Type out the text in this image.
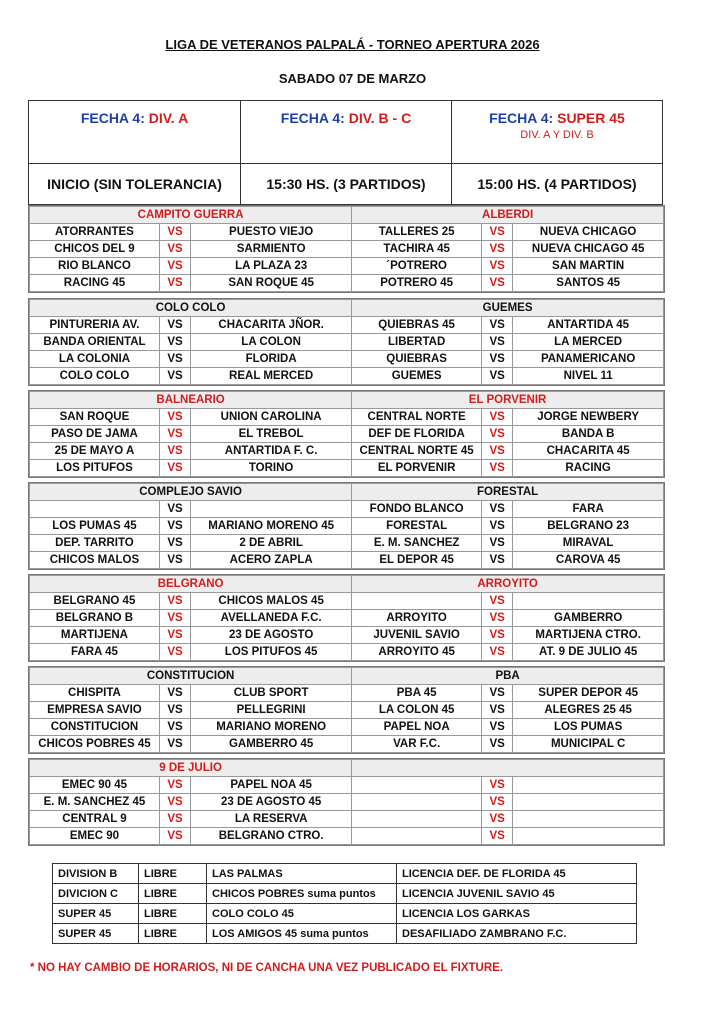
LIGA DE VETERANOS PALPALÁ - TORNEO APERTURA 2026
SABADO 07 DE MARZO
FECHA 4: DIV. A	FECHA 4: DIV. B - C	FECHA 4: SUPER 45
DIV. A Y DIV. B

INICIO (SIN TOLERANCIA)	15:30 HS. (3 PARTIDOS)	15:00 HS. (4 PARTIDOS)
CAMPITO GUERRA			ALBERDI		
ATORRANTES	VS	PUESTO VIEJO	TALLERES 25	VS	NUEVA CHICAGO
CHICOS DEL 9	VS	SARMIENTO	TACHIRA 45	VS	NUEVA CHICAGO 45
RIO BLANCO	VS	LA PLAZA 23	´POTRERO	VS	SAN MARTIN
RACING 45	VS	SAN ROQUE 45	POTRERO 45	VS	SANTOS 45
COLO COLO			GUEMES		
PINTURERIA AV.	VS	CHACARITA JÑOR.	QUIEBRAS 45	VS	ANTARTIDA 45
BANDA ORIENTAL	VS	LA COLON	LIBERTAD	VS	LA MERCED
LA COLONIA	VS	FLORIDA	QUIEBRAS	VS	PANAMERICANO
COLO COLO	VS	REAL MERCED	GUEMES	VS	NIVEL 11
BALNEARIO			EL PORVENIR		
SAN ROQUE	VS	UNION CAROLINA	CENTRAL NORTE	VS	JORGE NEWBERY
PASO DE JAMA	VS	EL TREBOL	DEF DE FLORIDA	VS	BANDA B
25 DE MAYO A	VS	ANTARTIDA F. C.	CENTRAL NORTE 45	VS	CHACARITA 45
LOS PITUFOS	VS	TORINO	EL PORVENIR	VS	RACING
COMPLEJO SAVIO			FORESTAL		
	VS		FONDO BLANCO	VS	FARA
LOS PUMAS 45	VS	MARIANO MORENO 45	FORESTAL	VS	BELGRANO 23
DEP. TARRITO	VS	2 DE ABRIL	E. M. SANCHEZ	VS	MIRAVAL
CHICOS MALOS	VS	ACERO ZAPLA	EL DEPOR 45	VS	CAROVA 45
BELGRANO			ARROYITO		
BELGRANO 45	VS	CHICOS MALOS 45		VS	
BELGRANO B	VS	AVELLANEDA F.C.	ARROYITO	VS	GAMBERRO
MARTIJENA	VS	23 DE AGOSTO	JUVENIL SAVIO	VS	MARTIJENA CTRO.
FARA 45	VS	LOS PITUFOS 45	ARROYITO 45	VS	AT. 9 DE JULIO 45
CONSTITUCION			PBA		
CHISPITA	VS	CLUB SPORT	PBA 45	VS	SUPER DEPOR 45
EMPRESA SAVIO	VS	PELLEGRINI	LA COLON 45	VS	ALEGRES 25 45
CONSTITUCION	VS	MARIANO MORENO	PAPEL NOA	VS	LOS PUMAS
CHICOS POBRES 45	VS	GAMBERRO 45	VAR F.C.	VS	MUNICIPAL C
9 DE JULIO					
EMEC 90 45	VS	PAPEL NOA 45		VS	
E. M. SANCHEZ 45	VS	23 DE AGOSTO 45		VS	
CENTRAL 9	VS	LA RESERVA		VS	
EMEC 90	VS	BELGRANO CTRO.		VS	
DIVISION B	LIBRE	LAS PALMAS	LICENCIA DEF. DE FLORIDA 45
DIVICION C	LIBRE	CHICOS POBRES suma puntos	LICENCIA JUVENIL SAVIO 45
SUPER 45	LIBRE	COLO COLO 45	LICENCIA LOS GARKAS
SUPER 45	LIBRE	LOS AMIGOS 45 suma puntos	DESAFILIADO ZAMBRANO F.C.
* NO HAY CAMBIO DE HORARIOS, NI DE CANCHA UNA VEZ PUBLICADO EL FIXTURE.
